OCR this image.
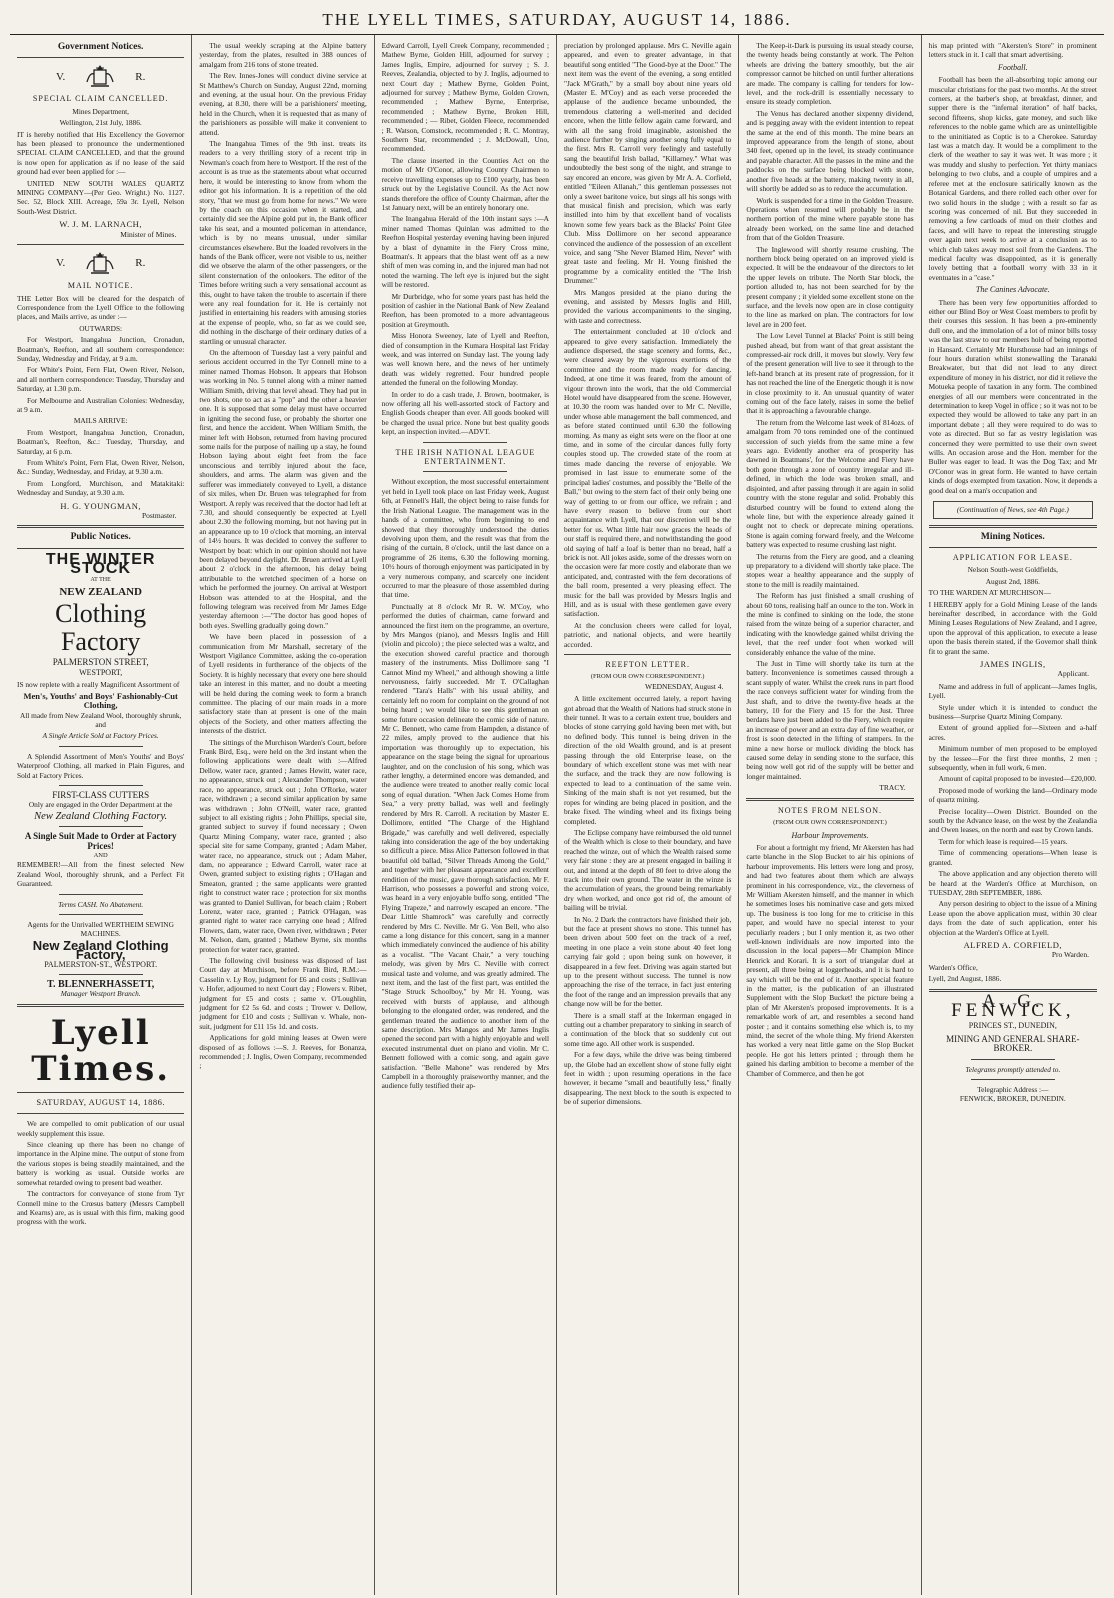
THE LYELL TIMES, SATURDAY, AUGUST 14, 1886.
Government Notices.
V.	R.
SPECIAL CLAIM CANCELLED.

Mines Department,

Wellington, 21st July, 1886.

IT is hereby notified that His Excellency the Governor has been pleased to pronounce the undermentioned SPECIAL CLAIM CANCELLED, and that the ground is now open for application as if no lease of the said ground had ever been applied for :—

UNITED NEW SOUTH WALES QUARTZ MINING COMPANY—(Per Geo. Wright.) No. 1127. Sec. 52, Block XIII. Acreage, 59a 3r. Lyell, Nelson South-West District.

W. J. M. LARNACH,
Minister of Mines.
V.	R.
MAIL NOTICE.

THE Letter Box will be cleared for the despatch of Correspondence from the Lyell Office to the following places, and Mails arrive, as under :—

OUTWARDS:

For Westport, Inangahua Junction, Cronadun, Boatman's, Reefton, and all southern correspondence: Sunday, Wednesday and Friday, at 9 a.m.

For White's Point, Fern Flat, Owen River, Nelson, and all northern correspondence: Tuesday, Thursday and Saturday, at 1.30 p.m.

For Melbourne and Australian Colonies: Wednesday, at 9 a.m.

MAILS ARRIVE:

From Westport, Inangahua Junction, Cronadun, Boatman's, Reefton, &c.: Tuesday, Thursday, and Saturday, at 6 p.m.

From White's Point, Fern Flat, Owen River, Nelson, &c.: Sunday, Wednesday, and Friday, at 9.30 a.m.

From Longford, Murchison, and Matakitaki: Wednesday and Sunday, at 9.30 a.m.

H. G. YOUNGMAN,
Postmaster.
Public Notices.
THE WINTER STOCK
AT THE
NEW ZEALAND
Clothing Factory
PALMERSTON STREET,
WESTPORT,

IS now replete with a really Magnificent Assortment of

Men's, Youths' and Boys' Fashionably-Cut Clothing,

All made from New Zealand Wool, thoroughly shrunk, and

A Single Article Sold at Factory Prices.

A Splendid Assortment of Men's Youths' and Boys' Waterproof Clothing, all marked in Plain Figures, and Sold at Factory Prices.

FIRST-CLASS CUTTERS

Only are engaged in the Order Department at the

New Zealand Clothing Factory.
A Single Suit Made to Order at Factory Prices!
AND

REMEMBER!—All from the finest selected New Zealand Wool, thoroughly shrunk, and a Perfect Fit Guaranteed.

Terms CASH. No Abatement.

Agents for the Unrivalled WERTHEIM SEWING MACHINES.

New Zealand Clothing Factory,
PALMERSTON-ST., WESTPORT.
T. BLENNERHASSETT,
Manager Westport Branch.
Lyell Times.
SATURDAY, AUGUST 14, 1886.

We are compelled to omit publication of our usual weekly supplement this issue.

Since cleaning up there has been no change of importance in the Alpine mine. The output of stone from the various stopes is being steadily maintained, and the battery is working as usual. Outside works are somewhat retarded owing to present bad weather.

The contractors for conveyance of stone from Tyr Connell mine to the Crœsus battery (Messrs Campbell and Kearns) are, as is usual with this firm, making good progress with the work.

The usual weekly scraping at the Alpine battery yesterday, from the plates, resulted in 388 ounces of amalgam from 216 tons of stone treated.

The Rev. Innes-Jones will conduct divine service at St Matthew's Church on Sunday, August 22nd, morning and evening, at the usual hour. On the previous Friday evening, at 8.30, there will be a parishioners' meeting, held in the Church, when it is requested that as many of the parishioners as possible will make it convenient to attend.

The Inangahua Times of the 9th inst. treats its readers to a very thrilling story of a recent trip in Newman's coach from here to Westport. If the rest of the account is as true as the statements about what occurred here, it would be interesting to know from whom the editor got his information. It is a repetition of the old story, "that we must go from home for news." We were by the coach on this occasion when it started, and certainly did see the Alpine gold put in, the Bank officer take his seat, and a mounted policeman in attendance, which is by no means unusual, under similar circumstances elsewhere. But the loaded revolvers in the hands of the Bank officer, were not visible to us, neither did we observe the alarm of the other passengers, or the silent consternation of the onlookers. The editor of the Times before writing such a very sensational account as this, ought to have taken the trouble to ascertain if there were any real foundation for it. He is certainly not justified in entertaining his readers with amusing stories at the expense of people, who, so far as we could see, did nothing in the discharge of their ordinary duties of a startling or unusual character.

On the afternoon of Tuesday last a very painful and serious accident occurred in the Tyr Connell mine to a miner named Thomas Hobson. It appears that Hobson was working in No. 5 tunnel along with a miner named William Smith, driving that level ahead. They had put in two shots, one to act as a "pop" and the other a heavier one. It is supposed that some delay must have occurred in igniting the second fuse, or probably the shorter one first, and hence the accident. When William Smith, the miner left with Hobson, returned from having procured some nails for the purpose of nailing up a stay, he found Hobson laying about eight feet from the face unconscious and terribly injured about the face, shoulders, and arms. The alarm was given and the sufferer was immediately conveyed to Lyell, a distance of six miles, when Dr. Bruen was telegraphed for from Westport. A reply was received that the doctor had left at 7.30, and should consequently be expected at Lyell about 2.30 the following morning, but not having put in an appearance up to 10 o'clock that morning, an interval of 14½ hours. It was decided to convey the sufferer to Westport by boat: which in our opinion should not have been delayed beyond daylight. Dr. Bruen arrived at Lyell about 2 o'clock in the afternoon, his delay being attributable to the wretched specimen of a horse on which he performed the journey. On arrival at Westport Hobson was attended to at the Hospital, and the following telegram was received from Mr James Edge yesterday afternoon :—"The doctor has good hopes of both eyes. Swelling gradually going down."

We have been placed in possession of a communication from Mr Marshall, secretary of the Westport Vigilance Committee, asking the co-operation of Lyell residents in furtherance of the objects of the Society. It is highly necessary that every one here should take an interest in this matter, and no doubt a meeting will be held during the coming week to form a branch committee. The placing of our main roads in a more satisfactory state than at present is one of the main objects of the Society, and other matters affecting the interests of the district.

The sittings of the Murchison Warden's Court, before Frank Bird, Esq., were held on the 3rd instant when the following applications were dealt with :—Alfred Dellow, water race, granted ; James Hewitt, water race, no appearance, struck out ; Alexander Thompson, water race, no appearance, struck out ; John O'Rorke, water race, withdrawn ; a second similar application by same was withdrawn ; John O'Neill, water race, granted subject to all existing rights ; John Phillips, special site, granted subject to survey if found necessary ; Owen Quartz Mining Company, water race, granted ; also special site for same Company, granted ; Adam Maher, water race, no appearance, struck out ; Adam Maher, dam, no appearance ; Edward Carroll, water race at Owen, granted subject to existing rights ; O'Hagan and Smeaton, granted ; the same applicants were granted right to construct water race ; protection for six months was granted to Daniel Sullivan, for beach claim ; Robert Lorenz, water race, granted ; Patrick O'Hagan, was granted right to water race carrying one head ; Alfred Flowers, dam, water race, Owen river, withdrawn ; Peter M. Nelson, dam, granted ; Mathew Byrne, six months protection for water race, granted.

The following civil business was disposed of last Court day at Murchison, before Frank Bird, R.M.:—Casselin v. Ly Roy, judgment for £6 and costs ; Sullivan v. Hofer, adjourned to next Court day ; Flowers v. Ribet, judgment for £5 and costs ; same v. O'Loughlin, judgment for £2 5s 6d. and costs ; Trower v. Dellow, judgment for £10 and costs ; Sullivan v. Whale, non-suit, judgment for £11 15s 1d. and costs.

Applications for gold mining leases at Owen were disposed of as follows :—S. J. Reeves, for Bonanza, recommended ; J. Inglis, Owen Company, recommended ;

Edward Carroll, Lyell Creek Company, recommended ; Mathew Byrne, Golden Hill, adjourned for survey ; James Inglis, Empire, adjourned for survey ; S. J. Reeves, Zealandia, objected to by J. Inglis, adjourned to next Court day ; Mathew Byrne, Golden Point, adjourned for survey ; Mathew Byrne, Golden Crown, recommended ; Mathew Byrne, Enterprise, recommended ; Mathew Byrne, Broken Hill, recommended ; — Ribet, Golden Fleece, recommended ; R. Watson, Comstock, recommended ; R. C. Montray, Southern Star, recommended ; J. McDowall, Uno, recommended.

The clause inserted in the Counties Act on the motion of Mr O'Conor, allowing County Chairmen to receive travelling expenses up to £100 yearly, has been struck out by the Legislative Council. As the Act now stands therefore the office of County Chairman, after the 1st January next, will be an entirely honorary one.

The Inangahua Herald of the 10th instant says :—A miner named Thomas Quinlan was admitted to the Reefton Hospital yesterday evening having been injured by a blast of dynamite in the Fiery Cross mine, Boatman's. It appears that the blast went off as a new shift of men was coming in, and the injured man had not noted the warning. The left eye is injured but the sight will be restored.

Mr Durbridge, who for some years past has held the position of cashier in the National Bank of New Zealand Reefton, has been promoted to a more advantageous position at Greymouth.

Miss Honora Sweeney, late of Lyell and Reefton, died of consumption in the Kumara Hospital last Friday week, and was interred on Sunday last. The young lady was well known here, and the news of her untimely death was widely regretted. Four hundred people attended the funeral on the following Monday.

In order to do a cash trade, J. Brown, bootmaker, is now offering all his well-assorted stock of Factory and English Goods cheaper than ever. All goods booked will be charged the usual price. None but best quality goods kept, an inspection invited.—ADVT.

THE IRISH NATIONAL LEAGUE ENTERTAINMENT.

Without exception, the most successful entertainment yet held in Lyell took place on last Friday week, August 6th, at Fennell's Hall, the object being to raise funds for the Irish National League. The management was in the hands of a committee, who from beginning to end showed that they thoroughly understood the duties devolving upon them, and the result was that from the rising of the curtain, 8 o'clock, until the last dance on a programme of 26 items, 6.30 the following morning, 10½ hours of thorough enjoyment was participated in by a very numerous company, and scarcely one incident occurred to mar the pleasure of those assembled during that time.

Punctually at 8 o'clock Mr R. W. M'Coy, who performed the duties of chairman, came forward and announced the first item on the programme, an overture, by Mrs Mangos (piano), and Messrs Inglis and Hill (violin and piccolo) ; the piece selected was a waltz, and the execution showed careful practice and thorough mastery of the instruments. Miss Dollimore sang "I Cannot Mind my Wheel," and although showing a little nervousness, fairly succeeded. Mr T. O'Callaghan rendered "Tara's Halls" with his usual ability, and certainly left no room for complaint on the ground of not being heard ; we would like to see this gentleman on some future occasion delineate the comic side of nature. Mr C. Bennett, who came from Hampden, a distance of 22 miles, amply proved to the audience that his importation was thoroughly up to expectation, his appearance on the stage being the signal for uproarious laughter, and on the conclusion of his song, which was rather lengthy, a determined encore was demanded, and the audience were treated to another really comic local song of equal duration. "When Jack Comes Home from Sea," a very pretty ballad, was well and feelingly rendered by Mrs R. Carroll. A recitation by Master E. Dollimore, entitled "The Charge of the Highland Brigade," was carefully and well delivered, especially taking into consideration the age of the boy undertaking so difficult a piece. Miss Alice Patterson followed in that beautiful old ballad, "Silver Threads Among the Gold," and together with her pleasant appearance and excellent rendition of the music, gave thorough satisfaction. Mr F. Harrison, who possesses a powerful and strong voice, was heard in a very enjoyable buffo song, entitled "The Flying Trapeze," and narrowly escaped an encore. "The Dear Little Shamrock" was carefully and correctly rendered by Mrs C. Neville. Mr G. Von Bell, who also came a long distance for this concert, sang in a manner which immediately convinced the audience of his ability as a vocalist. "The Vacant Chair," a very touching melody, was given by Mrs C. Neville with correct musical taste and volume, and was greatly admired. The next item, and the last of the first part, was entitled the "Stage Struck Schoolboy," by Mr H. Young, was received with bursts of applause, and although belonging to the elongated order, was rendered, and the gentleman treated the audience to another item of the same description. Mrs Mangos and Mr James Inglis opened the second part with a highly enjoyable and well executed instrumental duet on piano and violin. Mr C. Bennett followed with a comic song, and again gave satisfaction. "Belle Mahone" was rendered by Mrs Campbell in a thoroughly praiseworthy manner, and the audience fully testified their ap-

preciation by prolonged applause. Mrs C. Neville again appeared, and even to greater advantage, in that beautiful song entitled "The Good-bye at the Door." The next item was the event of the evening, a song entitled "Jack M'Grath," by a small boy about nine years old (Master E. M'Coy) and as each verse proceeded the applause of the audience became unbounded, the tremendous clattering a well-merited and decided encore, when the little fellow again came forward, and with all the sang froid imaginable, astonished the audience further by singing another song fully equal to the first. Mrs R. Carroll very feelingly and tastefully sang the beautiful Irish ballad, "Killarney." What was undoubtedly the best song of the night, and strange to say encored an encore, was given by Mr A. A. Corfield, entitled "Eileen Allanah," this gentleman possesses not only a sweet baritone voice, but sings all his songs with that musical finish and precision, which was early instilled into him by that excellent band of vocalists known some few years back as the Blacks' Point Glee Club. Miss Dollimore on her second appearance convinced the audience of the possession of an excellent voice, and sang "She Never Blamed Him, Never" with great taste and feeling. Mr H. Young finished the programme by a comicality entitled the "The Irish Drummer."

Mrs Mangos presided at the piano during the evening, and assisted by Messrs Inglis and Hill, provided the various accompaniments to the singing, with taste and correctness.

The entertainment concluded at 10 o'clock and appeared to give every satisfaction. Immediately the audience dispersed, the stage scenery and forms, &c., were cleared away by the vigorous exertions of the committee and the room made ready for dancing. Indeed, at one time it was feared, from the amount of vigour thrown into the work, that the old Commercial Hotel would have disappeared from the scene. However, at 10.30 the room was handed over to Mr C. Neville, under whose able management the ball commenced, and as before stated continued until 6.30 the following morning. As many as eight sets were on the floor at one time, and in some of the circular dances fully forty couples stood up. The crowded state of the room at times made dancing the reverse of enjoyable. We promised in last issue to enumerate some of the principal ladies' costumes, and possibly the "Belle of the Ball," but owing to the stern fact of their only being one way of getting to or from our office, we refrain ; and have every reason to believe from our short acquaintance with Lyell, that our discretion will be the better for us. What little hair now graces the heads of our staff is required there, and notwithstanding the good old saying of half a loaf is better than no bread, half a brick is not. All jokes aside, some of the dresses worn on the occasion were far more costly and elaborate than we anticipated, and, contrasted with the fern decorations of the ball room, presented a very pleasing effect. The music for the ball was provided by Messrs Inglis and Hill, and as is usual with these gentlemen gave every satisfaction.

At the conclusion cheers were called for loyal, patriotic, and national objects, and were heartily accorded.

REEFTON LETTER.
(FROM OUR OWN CORRESPONDENT.)
WEDNESDAY, August 4.

A little excitement occurred lately, a report having got abroad that the Wealth of Nations had struck stone in their tunnel. It was to a certain extent true, boulders and blocks of stone carrying gold having been met with, but no defined body. This tunnel is being driven in the direction of the old Wealth ground, and is at present passing through the old Enterprise lease, on the boundary of which excellent stone was met with near the surface, and the track they are now following is expected to lead to a continuation of the same vein. Sinking of the main shaft is not yet resumed, but the ropes for winding are being placed in position, and the brake fixed. The winding wheel and its fixings being completed.

The Eclipse company have reimbursed the old tunnel of the Wealth which is close to their boundary, and have reached the winze, out of which the Wealth raised some very fair stone : they are at present engaged in bailing it out, and intend at the depth of 80 feet to drive along the track into their own ground. The water in the winze is the accumulation of years, the ground being remarkably dry when worked, and once got rid of, the amount of bailing will be trivial.

In No. 2 Dark the contractors have finished their job, but the face at present shows no stone. This tunnel has been driven about 500 feet on the track of a reef, meeting in one place a vein stone about 40 feet long carrying fair gold ; upon being sunk on however, it disappeared in a few feet. Driving was again started but up to the present without success. The tunnel is now approaching the rise of the terrace, in fact just entering the foot of the range and an impression prevails that any change now will be for the better.

There is a small staff at the Inkerman engaged in cutting out a chamber preparatory to sinking in search of a continuation of the block that so suddenly cut out some time ago. All other work is suspended.

For a few days, while the drive was being timbered up, the Globe had an excellent show of stone fully eight feet in width ; upon resuming operations in the face however, it became "small and beautifully less," finally disappearing. The next block to the south is expected to be of superior dimensions.

The Keep-it-Dark is pursuing its usual steady course, the twenty heads being constantly at work. The Pelton wheels are driving the battery smoothly, but the air compressor cannot be hitched on until further alterations are made. The company is calling for tenders for low-level, and the rock-drill is essentially necessary to ensure its steady completion.

The Venus has declared another sixpenny dividend, and is pegging away with the evident intention to repeat the same at the end of this month. The mine bears an improved appearance from the length of stone, about 340 feet, opened up in the level, its steady continuance and payable character. All the passes in the mine and the paddocks on the surface being blocked with stone, another five heads at the battery, making twenty in all, will shortly be added so as to reduce the accumulation.

Work is suspended for a time in the Golden Treasure. Operations when resumed will probably be in the northern portion of the mine where payable stone has already been worked, on the same line and detached from that of the Golden Treasure.

The Inglewood will shortly resume crushing. The northern block being operated on an improved yield is expected. It will be the endeavour of the directors to let the upper levels on tribute. The North Star block, the portion alluded to, has not been searched for by the present company ; it yielded some excellent stone on the surface, and the levels now open are in close contiguity to the line as marked on plan. The contractors for low level are in 200 feet.

The Low Level Tunnel at Blacks' Point is still being pushed ahead, but from want of that great assistant the compressed-air rock drill, it moves but slowly. Very few of the present generation will live to see it through to the left-hand branch at its present rate of progression, for it has not reached the line of the Energetic though it is now in close proximity to it. An unusual quantity of water coming out of the face lately, raises in some the belief that it is approaching a favourable change.

The return from the Welcome last week of 814ozs. of amalgam from 70 tons reminded one of the continued succession of such yields from the same mine a few years ago. Evidently another era of prosperity has dawned in Boatmans', for the Welcome and Fiery have both gone through a zone of country irregular and ill-defined, in which the lode was broken small, and disjointed, and after passing through it are again in solid country with the stone regular and solid. Probably this disturbed country will be found to extend along the whole line, but with the experience already gained it ought not to check or deprecate mining operations. Stone is again coming forward freely, and the Welcome battery was expected to resume crushing last night.

The returns from the Fiery are good, and a cleaning up preparatory to a dividend will shortly take place. The stopes wear a healthy appearance and the supply of stone to the mill is readily maintained.

The Reform has just finished a small crushing of about 60 tons, realising half an ounce to the ton. Work in the mine is confined to sinking on the lode, the stone raised from the winze being of a superior character, and indicating with the knowledge gained whilst driving the level, that the reef under foot when worked will considerably enhance the value of the mine.

The Just in Time will shortly take its turn at the battery. Inconvenience is sometimes caused through a scant supply of water. Whilst the creek runs in part flood the race conveys sufficient water for winding from the Just shaft, and to drive the twenty-five heads at the battery, 10 for the Fiery and 15 for the Just. Three berdans have just been added to the Fiery, which require an increase of power and an extra day of fine weather, or frost is soon detected in the lifting of stampers. In the mine a new horse or mullock dividing the block has caused some delay in sending stone to the surface, this being now well got rid of the supply will be better and longer maintained.

TRACY.
NOTES FROM NELSON.
(FROM OUR OWN CORRESPONDENT.)
Harbour Improvements.

For about a fortnight my friend, Mr Akersten has had carte blanche in the Slop Bucket to air his opinions of harbour improvements. His letters were long and prosy, and had two features about them which are always prominent in his correspondence, viz., the cleverness of Mr William Akersten himself, and the manner in which he sometimes loses his nominative case and gets mixed up. The business is too long for me to criticise in this paper, and would have no special interest to your peculiarly readers ; but I only mention it, as two other well-known individuals are now imported into the discussion in the local papers—Mr Champion Mince Henrick and Korari. It is a sort of triangular duel at present, all three being at loggerheads, and it is hard to say which will be the end of it. Another special feature in the matter, is the publication of an illustrated Supplement with the Slop Bucket! the picture being a plan of Mr Akersten's proposed improvements. It is a remarkable work of art, and resembles a second hand poster ; and it contains something else which is, to my mind, the secret of the whole thing. My friend Akersten has worked a very neat little game on the Slop Bucket people. He got his letters printed ; through them he gained his darling ambition to become a member of the Chamber of Commerce, and then he got

his map printed with "Akersten's Store" in prominent letters stuck in it. I call that smart advertising.

Football.

Football has been the all-absorbing topic among our muscular christians for the past two months. At the street corners, at the barber's shop, at breakfast, dinner, and supper there is the "infernal iteration" of half backs, second fifteens, shop kicks, gate money, and such like references to the noble game which are as unintelligible to the uninitiated as Coptic is to a Cherokee. Saturday last was a match day. It would be a compliment to the clerk of the weather to say it was wet. It was more ; it was muddy and slushy to perfection. Yet thirty maniacs belonging to two clubs, and a couple of umpires and a referee met at the enclosure satirically known as the Botanical Gardens, and there rolled each other over for two solid hours in the sludge ; with a result so far as scoring was concerned of nil. But they succeeded in removing a few cartloads of mud on their clothes and faces, and will have to repeat the interesting struggle over again next week to arrive at a conclusion as to which club takes away most soil from the Gardens. The medical faculty was disappointed, as it is generally lovely betting that a football worry with 33 in it eventuates in a "case."

The Canines Advocate.

There has been very few opportunities afforded to either our Blind Boy or West Coast members to profit by their courses this session. It has been a pre-eminently dull one, and the immolation of a lot of minor bills tossy was the last straw to our members hold of being reported in Hansard. Certainly Mr Hursthouse had an innings of four hours duration whilst stonewalling the Taranaki Breakwater, but that did not lead to any direct expenditure of money in his district, nor did it relieve the Motueka people of taxation in any form. The combined energies of all our members were concentrated in the determination to keep Vogel in office ; so it was not to be expected they would be allowed to take any part in an important debate ; all they were required to do was to vote as directed. But so far as vestry legislation was concerned they were permitted to use their own sweet wills. An occasion arose and the Hon. member for the Buller was eager to lead. It was the Dog Tax; and Mr O'Conor was in great form. He wanted to have certain kinds of dogs exempted from taxation. Now, it depends a good deal on a man's occupation and

(Continuation of News, see 4th Page.)
Mining Notices.
APPLICATION FOR LEASE.

Nelson South-west Goldfields,

August 2nd, 1886.

TO THE WARDEN AT MURCHISON—

I HEREBY apply for a Gold Mining Lease of the lands hereinafter described, in accordance with the Gold Mining Leases Regulations of New Zealand, and I agree, upon the approval of this application, to execute a lease upon the basis therein stated, if the Governor shall think fit to grant the same.

JAMES INGLIS,
Applicant.

Name and address in full of applicant—James Inglis, Lyell.

Style under which it is intended to conduct the business—Surprise Quartz Mining Company.

Extent of ground applied for—Sixteen and a-half acres.

Minimum number of men proposed to be employed by the lessee—For the first three months, 2 men ; subsequently, when in full work, 6 men.

Amount of capital proposed to be invested—£20,000.

Proposed mode of working the land—Ordinary mode of quartz mining.

Precise locality—Owen District. Bounded on the south by the Advance lease, on the west by the Zealandia and Owen leases, on the north and east by Crown lands.

Term for which lease is required—15 years.

Time of commencing operations—When lease is granted.

The above application and any objection thereto will be heard at the Warden's Office at Murchison, on TUESDAY, 28th SEPTEMBER, 1886.

Any person desiring to object to the issue of a Mining Lease upon the above application must, within 30 clear days from the date of such application, enter his objection at the Warden's Office at Lyell.

ALFRED A. CORFIELD,
Pro Warden.

Warden's Office,

Lyell, 2nd August, 1886.

A. G. FENWICK,
PRINCES ST., DUNEDIN,
MINING AND GENERAL SHARE-
BROKER.
Telegrams promptly attended to.
Telegraphic Address :—
FENWICK, BROKER, DUNEDIN.
